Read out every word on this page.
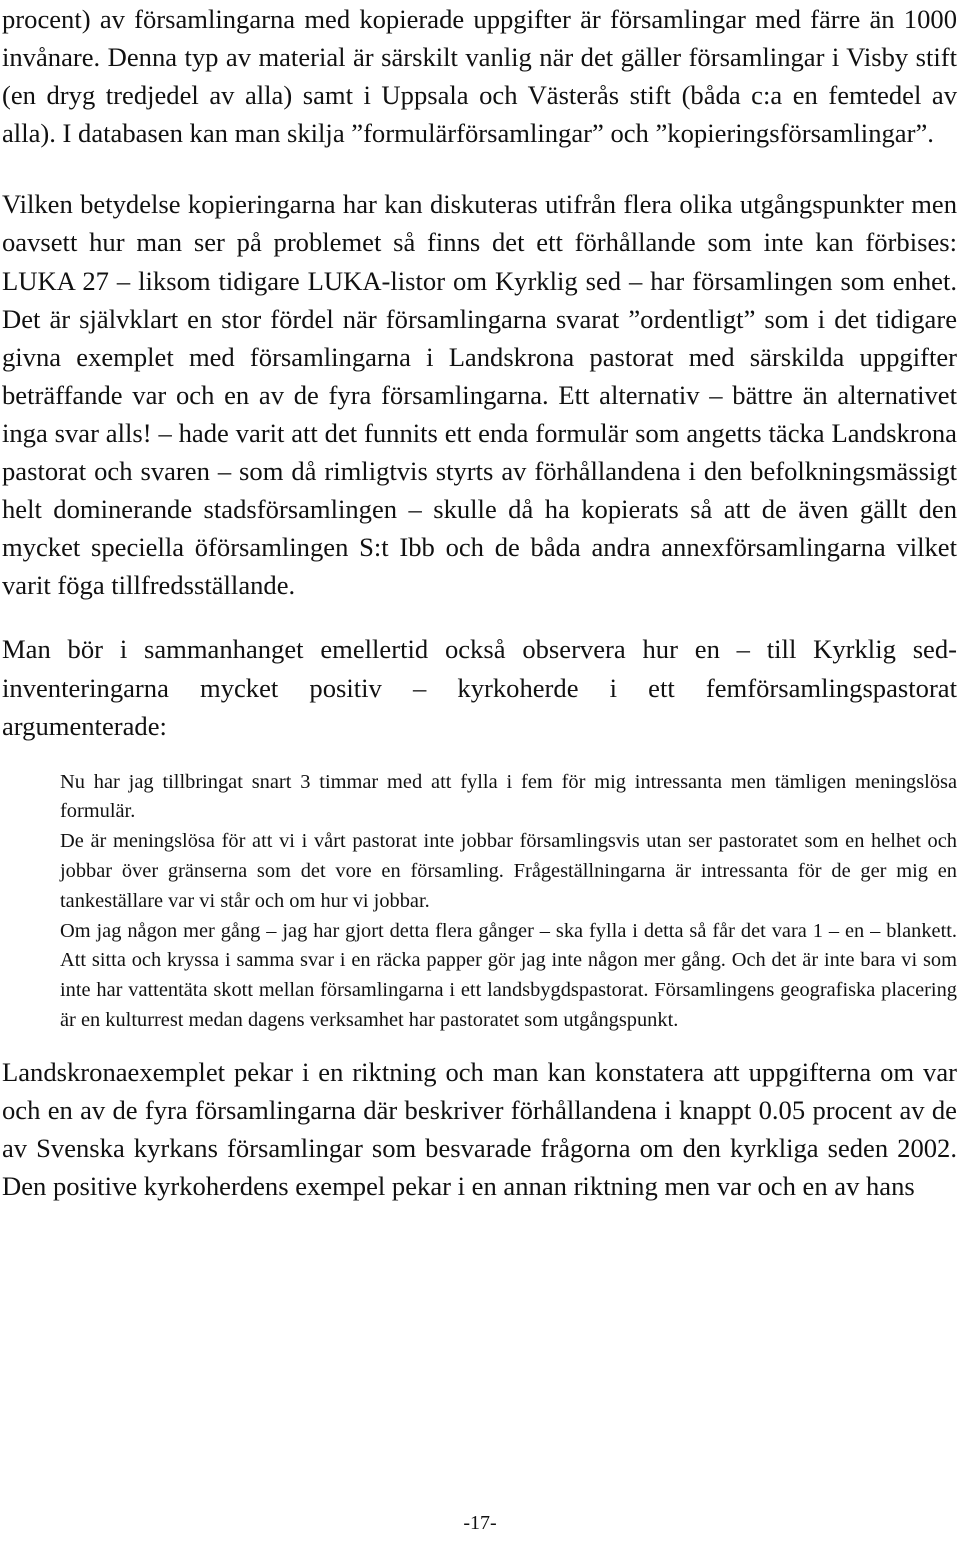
procent) av församlingarna med kopierade uppgifter är församlingar med färre än 1000 invånare. Denna typ av material är särskilt vanlig när det gäller församlingar i Visby stift (en dryg tredjedel av alla) samt i Uppsala och Västerås stift (båda c:a en femtedel av alla). I databasen kan man skilja ”formulärförsamlingar” och ”kopieringsförsamlingar”.

Vilken betydelse kopieringarna har kan diskuteras utifrån flera olika utgångspunkter men oavsett hur man ser på problemet så finns det ett förhållande som inte kan förbises: LUKA 27 – liksom tidigare LUKA-listor om Kyrklig sed – har församlingen som enhet. Det är självklart en stor fördel när församlingarna svarat ”ordentligt” som i det tidigare givna exemplet med församlingarna i Landskrona pastorat med särskilda uppgifter beträffande var och en av de fyra församlingarna. Ett alternativ – bättre än alternativet inga svar alls! – hade varit att det funnits ett enda formulär som angetts täcka Landskrona pastorat och svaren – som då rimligtvis styrts av förhållandena i den befolkningsmässigt helt dominerande stadsförsamlingen – skulle då ha kopierats så att de även gällt den mycket speciella öförsamlingen S:t Ibb och de båda andra annexförsamlingarna vilket varit föga tillfredsställande.

Man bör i sammanhanget emellertid också observera hur en – till Kyrklig sed-inventeringarna mycket positiv – kyrkoherde i ett femförsamlingspastorat argumenterade:

Nu har jag tillbringat snart 3 timmar med att fylla i fem för mig intressanta men tämligen meningslösa formulär.

De är meningslösa för att vi i vårt pastorat inte jobbar församlingsvis utan ser pastoratet som en helhet och jobbar över gränserna som det vore en församling. Frågeställningarna är intressanta för de ger mig en tankeställare var vi står och om hur vi jobbar.

Om jag någon mer gång – jag har gjort detta flera gånger – ska fylla i detta så får det vara 1 – en – blankett. Att sitta och kryssa i samma svar i en räcka papper gör jag inte någon mer gång. Och det är inte bara vi som inte har vattentäta skott mellan församlingarna i ett landsbygdspastorat. Församlingens geografiska placering är en kulturrest medan dagens verksamhet har pastoratet som utgångspunkt.

Landskronaexemplet pekar i en riktning och man kan konstatera att uppgifterna om var och en av de fyra församlingarna där beskriver förhållandena i knappt 0.05 procent av de av Svenska kyrkans församlingar som besvarade frågorna om den kyrkliga seden 2002. Den positive kyrkoherdens exempel pekar i en annan riktning men var och en av hans

-17-
